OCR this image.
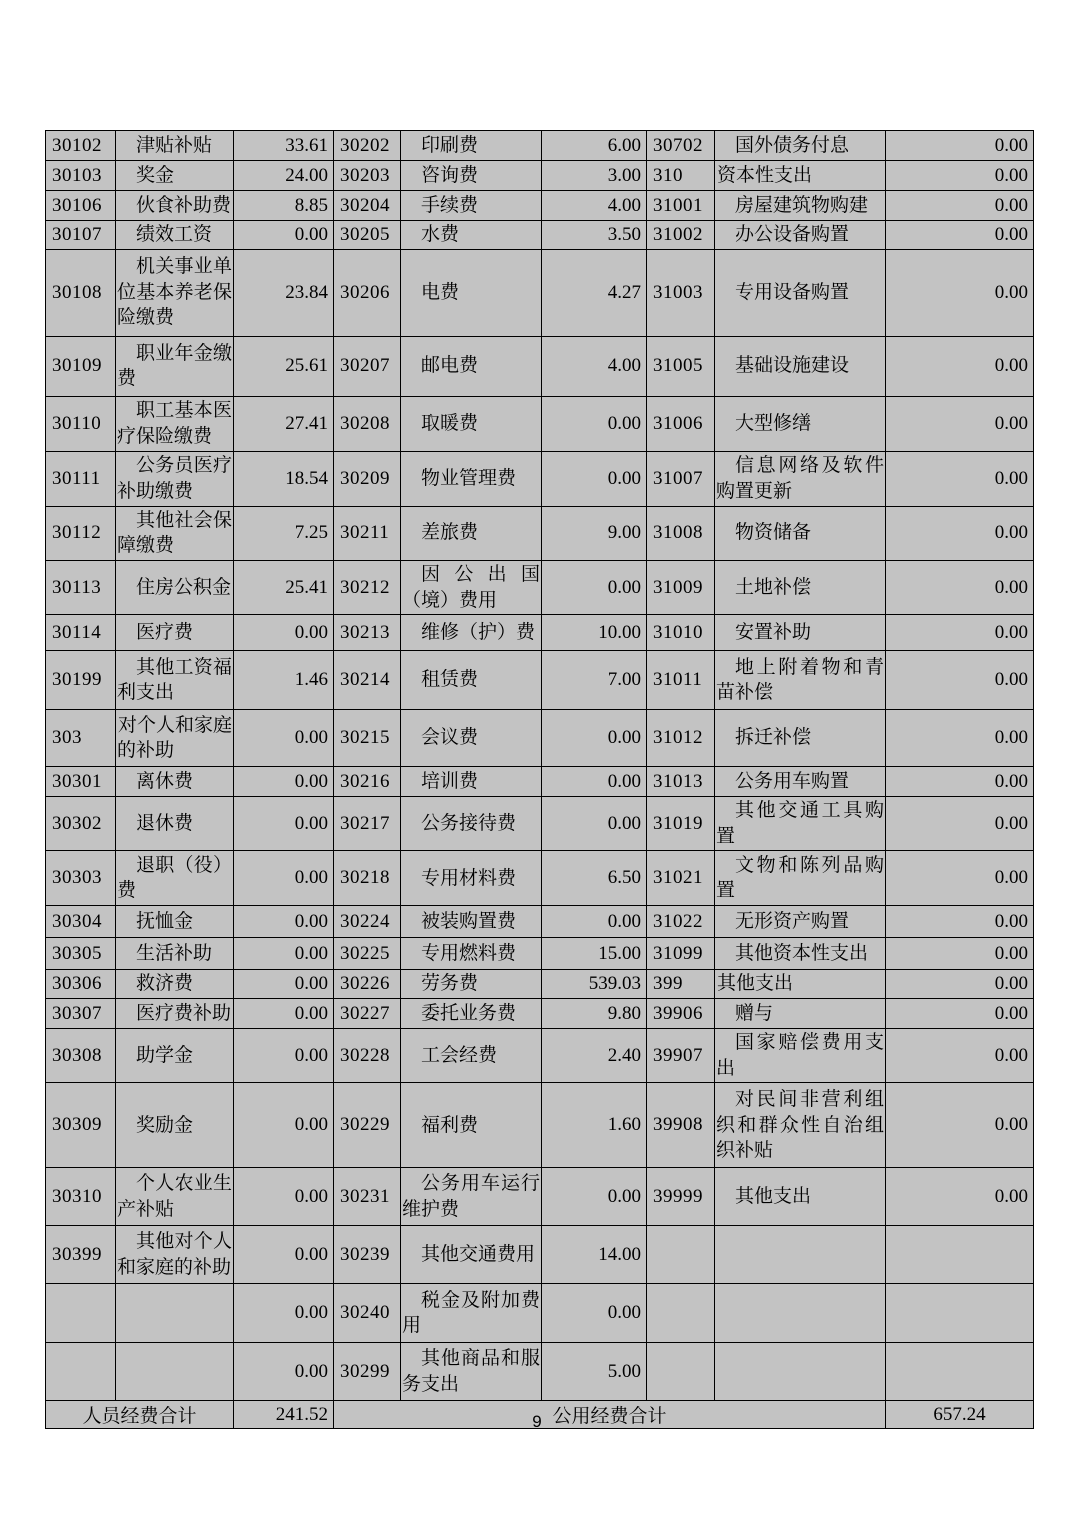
30102	津贴补贴	33.61	30202	印刷费	6.00	30702	国外债务付息	0.00
30103	奖金	24.00	30203	咨询费	3.00	310	资本性支出	0.00
30106	伙食补助费	8.85	30204	手续费	4.00	31001	房屋建筑物购建	0.00
30107	绩效工资	0.00	30205	水费	3.50	31002	办公设备购置	0.00
30108	机关事业单位基本养老保险缴费	23.84	30206	电费	4.27	31003	专用设备购置	0.00
30109	职业年金缴费	25.61	30207	邮电费	4.00	31005	基础设施建设	0.00
30110	职工基本医疗保险缴费	27.41	30208	取暖费	0.00	31006	大型修缮	0.00
30111	公务员医疗补助缴费	18.54	30209	物业管理费	0.00	31007	信息网络及软件购置更新	0.00
30112	其他社会保障缴费	7.25	30211	差旅费	9.00	31008	物资储备	0.00
30113	住房公积金	25.41	30212	因公出国（境）费用	0.00	31009	土地补偿	0.00
30114	医疗费	0.00	30213	维修（护）费	10.00	31010	安置补助	0.00
30199	其他工资福利支出	1.46	30214	租赁费	7.00	31011	地上附着物和青苗补偿	0.00
303	对个人和家庭的补助	0.00	30215	会议费	0.00	31012	拆迁补偿	0.00
30301	离休费	0.00	30216	培训费	0.00	31013	公务用车购置	0.00
30302	退休费	0.00	30217	公务接待费	0.00	31019	其他交通工具购置	0.00
30303	退职（役）费	0.00	30218	专用材料费	6.50	31021	文物和陈列品购置	0.00
30304	抚恤金	0.00	30224	被装购置费	0.00	31022	无形资产购置	0.00
30305	生活补助	0.00	30225	专用燃料费	15.00	31099	其他资本性支出	0.00
30306	救济费	0.00	30226	劳务费	539.03	399	其他支出	0.00
30307	医疗费补助	0.00	30227	委托业务费	9.80	39906	赠与	0.00
30308	助学金	0.00	30228	工会经费	2.40	39907	国家赔偿费用支出	0.00
30309	奖励金	0.00	30229	福利费	1.60	39908	对民间非营利组织和群众性自治组织补贴	0.00
30310	个人农业生产补贴	0.00	30231	公务用车运行维护费	0.00	39999	其他支出	0.00
30399	其他对个人和家庭的补助	0.00	30239	其他交通费用	14.00			
		0.00	30240	税金及附加费用	0.00			
		0.00	30299	其他商品和服务支出	5.00			
人员经费合计		241.52	公用经费合计					657.24
9
